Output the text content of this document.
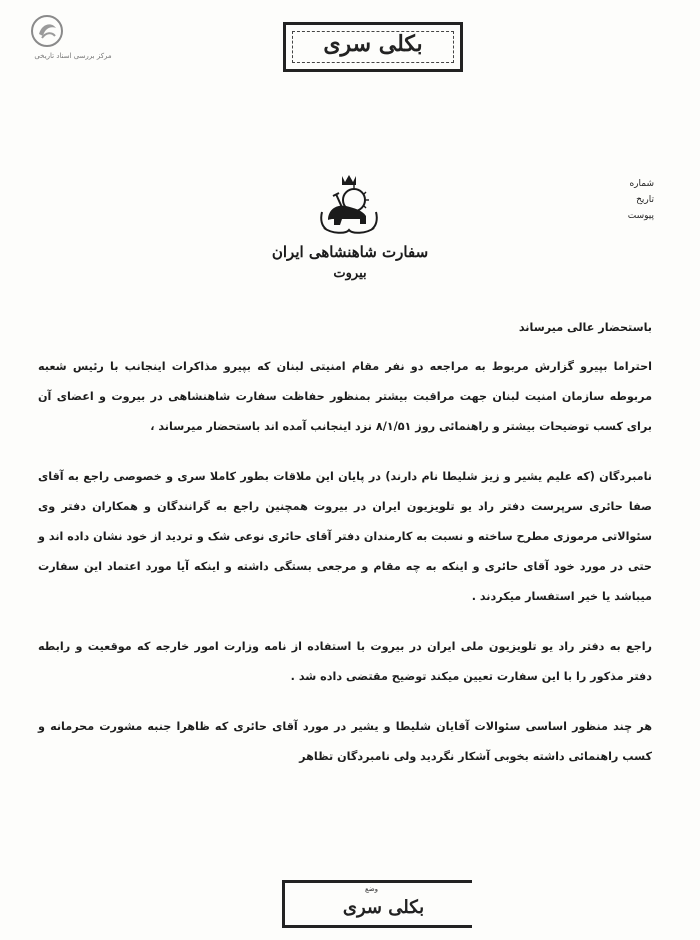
مرکز بررسی اسناد تاریخی	بکلی سری
شماره
تاریخ
پیوست
سفارت شاهنشاهی ایران
بیروت
باستحضار عالی میرساند
احتراما بپیرو گزارش مربوط به مراجعه دو نفر مقام امنیتی لبنان که بپیرو مذاکرات اینجانب با رئیس شعبه مربوطه سازمان امنیت لبنان جهت مراقبت بیشتر بمنظور حفاظت سفارت شاهنشاهی در بیروت و اعضای آن برای کسب توضیحات بیشتر و راهنمائی روز ۸/۱/۵۱ نزد اینجانب آمده اند باستحضار میرساند ،
نامبردگان (که علیم یشیر و زیز شلیطا نام دارند) در پایان این ملاقات بطور کاملا سری و خصوصی راجع به آقای صفا حائری سرپرست دفتر راد یو تلویزیون ایران در بیروت همچنین راجع به گرانندگان و همکاران دفتر وی سئوالاتی مرموزی مطرح ساخته و نسبت به کارمندان دفتر آقای حائری نوعی شک و تردید از خود نشان داده اند و حتی در مورد خود آقای حائری و اینکه به چه مقام و مرجعی بستگی داشته و اینکه آیا مورد اعتماد این سفارت میباشد یا خیر استفسار میکردند .
راجع به دفتر راد یو تلویزیون ملی ایران در بیروت با استفاده از نامه وزارت امور خارجه که موقعیت و رابطه دفتر مذکور را با این سفارت تعیین میکند توضیح مقتضی داده شد .
هر چند منظور اساسی سئوالات آقایان شلیطا و یشیر در مورد آقای حائری که ظاهرا جنبه مشورت محرمانه و کسب راهنمائی داشته بخوبی آشکار نگردید ولی نامبردگان تظاهر
وضع
بکلی سری
